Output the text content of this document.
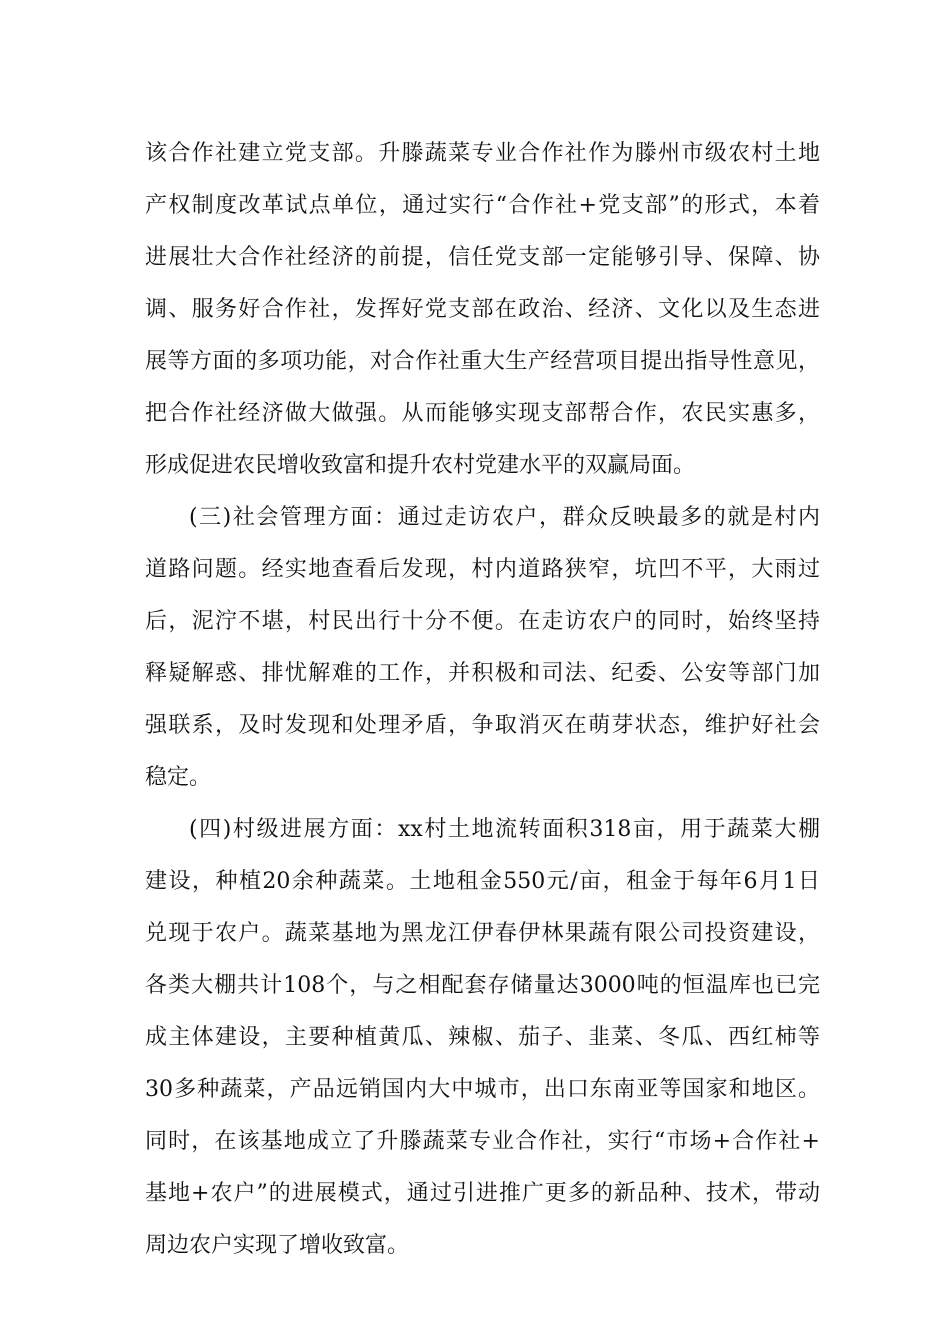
该合作社建立党支部。升滕蔬菜专业合作社作为滕州市级农村土地
产权制度改革试点单位，通过实行“合作社+党支部”的形式，本着
进展壮大合作社经济的前提，信任党支部一定能够引导、保障、协
调、服务好合作社，发挥好党支部在政治、经济、文化以及生态进
展等方面的多项功能，对合作社重大生产经营项目提出指导性意见，
把合作社经济做大做强。从而能够实现支部帮合作，农民实惠多，
形成促进农民增收致富和提升农村党建水平的双赢局面。
(三)社会管理方面：通过走访农户，群众反映最多的就是村内
道路问题。经实地查看后发现，村内道路狭窄，坑凹不平，大雨过
后，泥泞不堪，村民出行十分不便。在走访农户的同时，始终坚持
释疑解惑、排忧解难的工作，并积极和司法、纪委、公安等部门加
强联系，及时发现和处理矛盾，争取消灭在萌芽状态，维护好社会
稳定。
(四)村级进展方面：xx村土地流转面积318亩，用于蔬菜大棚
建设，种植20余种蔬菜。土地租金550元/亩，租金于每年6月1日
兑现于农户。蔬菜基地为黑龙江伊春伊林果蔬有限公司投资建设，
各类大棚共计108个，与之相配套存储量达3000吨的恒温库也已完
成主体建设，主要种植黄瓜、辣椒、茄子、韭菜、冬瓜、西红柿等
30多种蔬菜，产品远销国内大中城市，出口东南亚等国家和地区。
同时，在该基地成立了升滕蔬菜专业合作社，实行“市场+合作社+
基地+农户”的进展模式，通过引进推广更多的新品种、技术，带动
周边农户实现了增收致富。
